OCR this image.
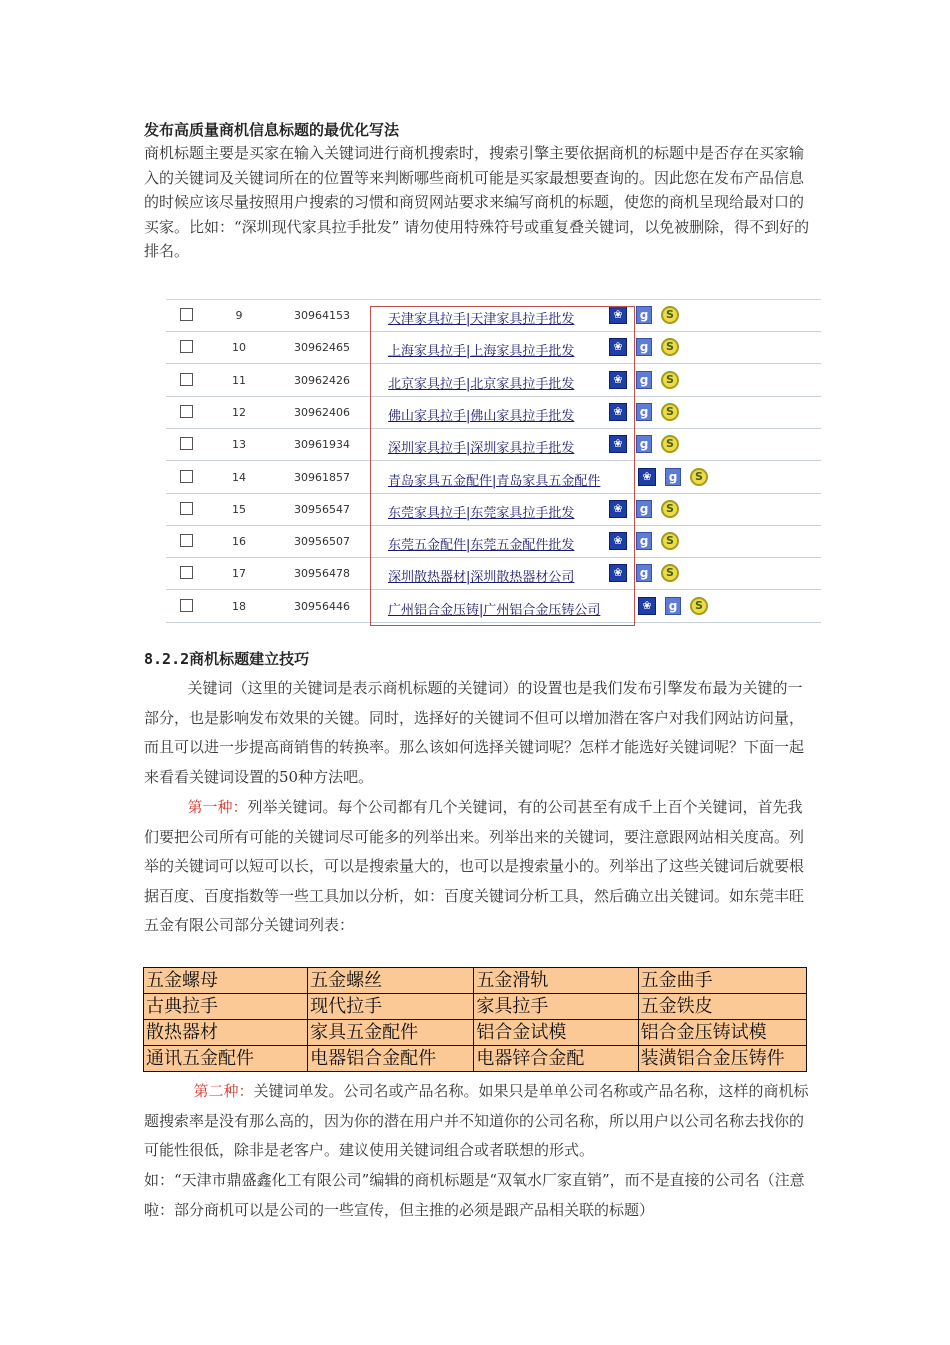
发布高质量商机信息标题的最优化写法
商机标题主要是买家在输入关键词进行商机搜索时，搜索引擎主要依据商机的标题中是否存在买家输入的关键词及关键词所在的位置等来判断哪些商机可能是买家最想要查询的。因此您在发布产品信息的时候应该尽量按照用户搜索的习惯和商贸网站要求来编写商机的标题，使您的商机呈现给最对口的买家。比如：“深圳现代家具拉手批发” 请勿使用特殊符号或重复叠关键词，以免被删除，得不到好的排名。
9	30964153	天津家具拉手|天津家具拉手批发	❀	g	S
10	30962465	上海家具拉手|上海家具拉手批发	❀	g	S
11	30962426	北京家具拉手|北京家具拉手批发	❀	g	S
12	30962406	佛山家具拉手|佛山家具拉手批发	❀	g	S
13	30961934	深圳家具拉手|深圳家具拉手批发	❀	g	S
14	30961857	青岛家具五金配件|青岛家具五金配件	❀	g	S
15	30956547	东莞家具拉手|东莞家具拉手批发	❀	g	S
16	30956507	东莞五金配件|东莞五金配件批发	❀	g	S
17	30956478	深圳散热器材|深圳散热器材公司	❀	g	S
18	30956446	广州铝合金压铸|广州铝合金压铸公司	❀	g	S
8.2.2商机标题建立技巧
关键词（这里的关键词是表示商机标题的关键词）的设置也是我们发布引擎发布最为关键的一部分，也是影响发布效果的关键。同时，选择好的关键词不但可以增加潜在客户对我们网站访问量，而且可以进一步提高商销售的转换率。那么该如何选择关键词呢？怎样才能选好关键词呢？下面一起来看看关键词设置的50种方法吧。
第一种：列举关键词。每个公司都有几个关键词，有的公司甚至有成千上百个关键词，首先我们要把公司所有可能的关键词尽可能多的列举出来。列举出来的关键词，要注意跟网站相关度高。列举的关键词可以短可以长，可以是搜索量大的，也可以是搜索量小的。列举出了这些关键词后就要根据百度、百度指数等一些工具加以分析，如：百度关键词分析工具，然后确立出关键词。如东莞丰旺五金有限公司部分关键词列表：
五金螺母	五金螺丝	五金滑轨	五金曲手
古典拉手	现代拉手	家具拉手	五金铁皮
散热器材	家具五金配件	铝合金试模	铝合金压铸试模
通讯五金配件	电器铝合金配件	电器锌合金配	装潢铝合金压铸件
第二种：关键词单发。公司名或产品名称。如果只是单单公司名称或产品名称，这样的商机标题搜索率是没有那么高的，因为你的潜在用户并不知道你的公司名称，所以用户以公司名称去找你的可能性很低，除非是老客户。建议使用关键词组合或者联想的形式。
如：“天津市鼎盛鑫化工有限公司”编辑的商机标题是“双氧水厂家直销”，而不是直接的公司名（注意啦：部分商机可以是公司的一些宣传，但主推的必须是跟产品相关联的标题）
